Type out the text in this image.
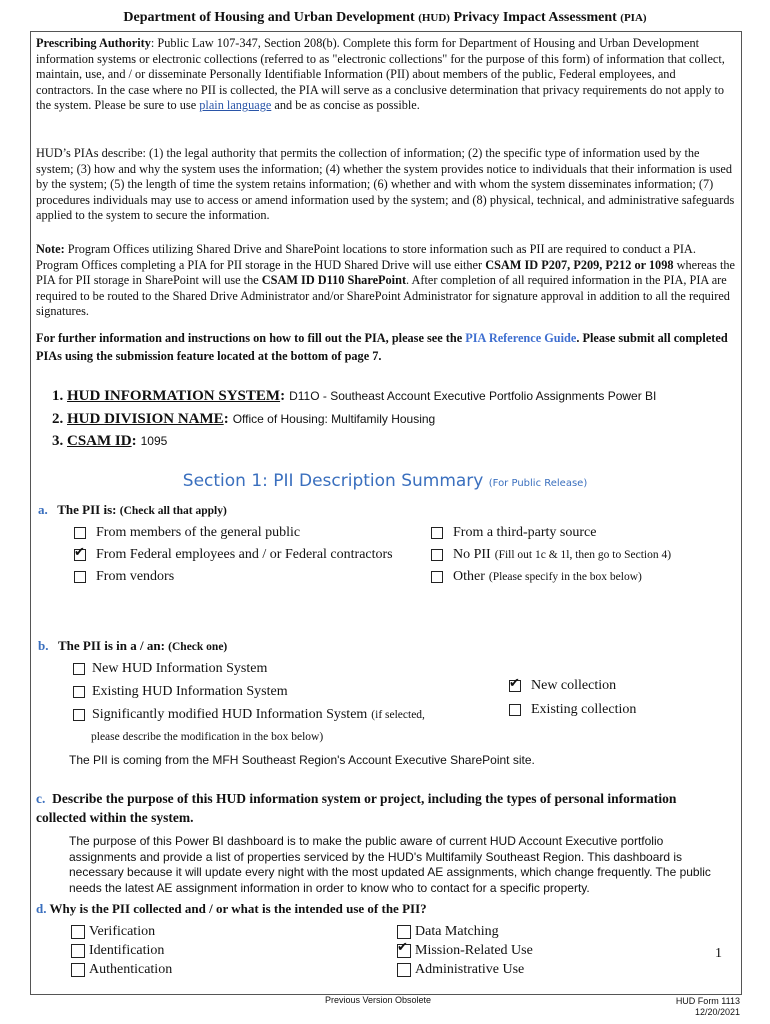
Department of Housing and Urban Development (HUD) Privacy Impact Assessment (PIA)
Prescribing Authority: Public Law 107-347, Section 208(b). Complete this form for Department of Housing and Urban Development information systems or electronic collections (referred to as "electronic collections" for the purpose of this form) of information that collect, maintain, use, and / or disseminate Personally Identifiable Information (PII) about members of the public, Federal employees, and contractors. In the case where no PII is collected, the PIA will serve as a conclusive determination that privacy requirements do not apply to the system. Please be sure to use plain language and be as concise as possible.
HUD’s PIAs describe: (1) the legal authority that permits the collection of information; (2) the specific type of information used by the system; (3) how and why the system uses the information; (4) whether the system provides notice to individuals that their information is used by the system; (5) the length of time the system retains information; (6) whether and with whom the system disseminates information; (7) procedures individuals may use to access or amend information used by the system; and (8) physical, technical, and administrative safeguards applied to the system to secure the information.
Note: Program Offices utilizing Shared Drive and SharePoint locations to store information such as PII are required to conduct a PIA. Program Offices completing a PIA for PII storage in the HUD Shared Drive will use either CSAM ID P207, P209, P212 or 1098 whereas the PIA for PII storage in SharePoint will use the CSAM ID D110 SharePoint. After completion of all required information in the PIA, PIA are required to be routed to the Shared Drive Administrator and/or SharePoint Administrator for signature approval in addition to all the required signatures.
For further information and instructions on how to fill out the PIA, please see the PIA Reference Guide. Please submit all completed PIAs using the submission feature located at the bottom of page 7.
1. HUD INFORMATION SYSTEM: D11O - Southeast Account Executive Portfolio Assignments Power BI
2. HUD DIVISION NAME: Office of Housing: Multifamily Housing
3. CSAM ID: 1095
Section 1: PII Description Summary (For Public Release)
a. The PII is: (Check all that apply)
From members of the general public
✔ From Federal employees and / or Federal contractors
From vendors
From a third-party source
No PII (Fill out 1c & 1l, then go to Section 4)
Other (Please specify in the box below)
b. The PII is in a / an: (Check one)
New HUD Information System
Existing HUD Information System
Significantly modified HUD Information System (if selected,
please describe the modification in the box below)
✔ New collection
Existing collection
The PII is coming from the MFH Southeast Region's Account Executive SharePoint site.
c. Describe the purpose of this HUD information system or project, including the types of personal information collected within the system.
The purpose of this Power BI dashboard is to make the public aware of current HUD Account Executive portfolio assignments and provide a list of properties serviced by the HUD's Multifamily Southeast Region. This dashboard is necessary because it will update every night with the most updated AE assignments, which change frequently. The public needs the latest AE assignment information in order to know who to contact for a specific property.
d. Why is the PII collected and / or what is the intended use of the PII?
Verification
Identification
Authentication
Data Matching
✔ Mission-Related Use
Administrative Use
1
Previous Version Obsolete	HUD Form 1113
12/20/2021
